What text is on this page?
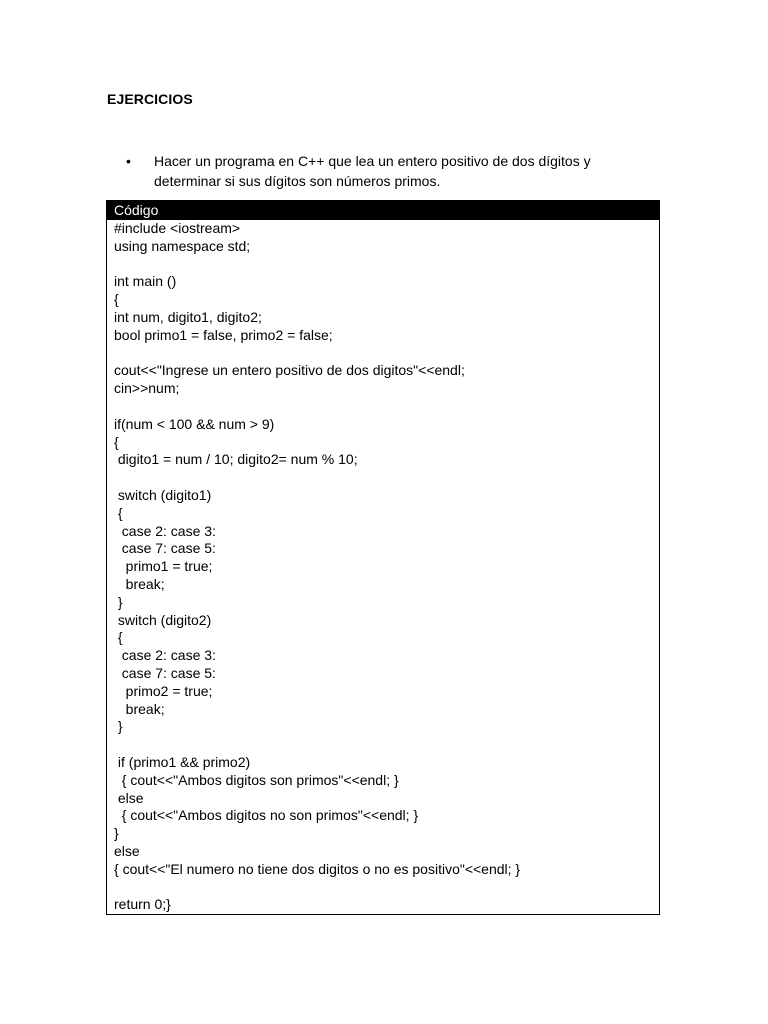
EJERCICIOS
•	Hacer un programa en C++ que lea un entero positivo de dos dígitos y
determinar si sus dígitos son números primos.
Código
#include <iostream>
using namespace std;
int main ()
{
int num, digito1, digito2;
bool primo1 = false, primo2 = false;
cout<<"Ingrese un entero positivo de dos digitos"<<endl;
cin>>num;
if(num < 100 && num > 9)
{
digito1 = num / 10; digito2= num % 10;
switch (digito1)
{
case 2: case 3:
case 7: case 5:
primo1 = true;
break;
}
switch (digito2)
{
case 2: case 3:
case 7: case 5:
primo2 = true;
break;
}
if (primo1 && primo2)
{ cout<<"Ambos digitos son primos"<<endl; }
else
{ cout<<"Ambos digitos no son primos"<<endl; }
}
else
{ cout<<"El numero no tiene dos digitos o no es positivo"<<endl; }
return 0;}
